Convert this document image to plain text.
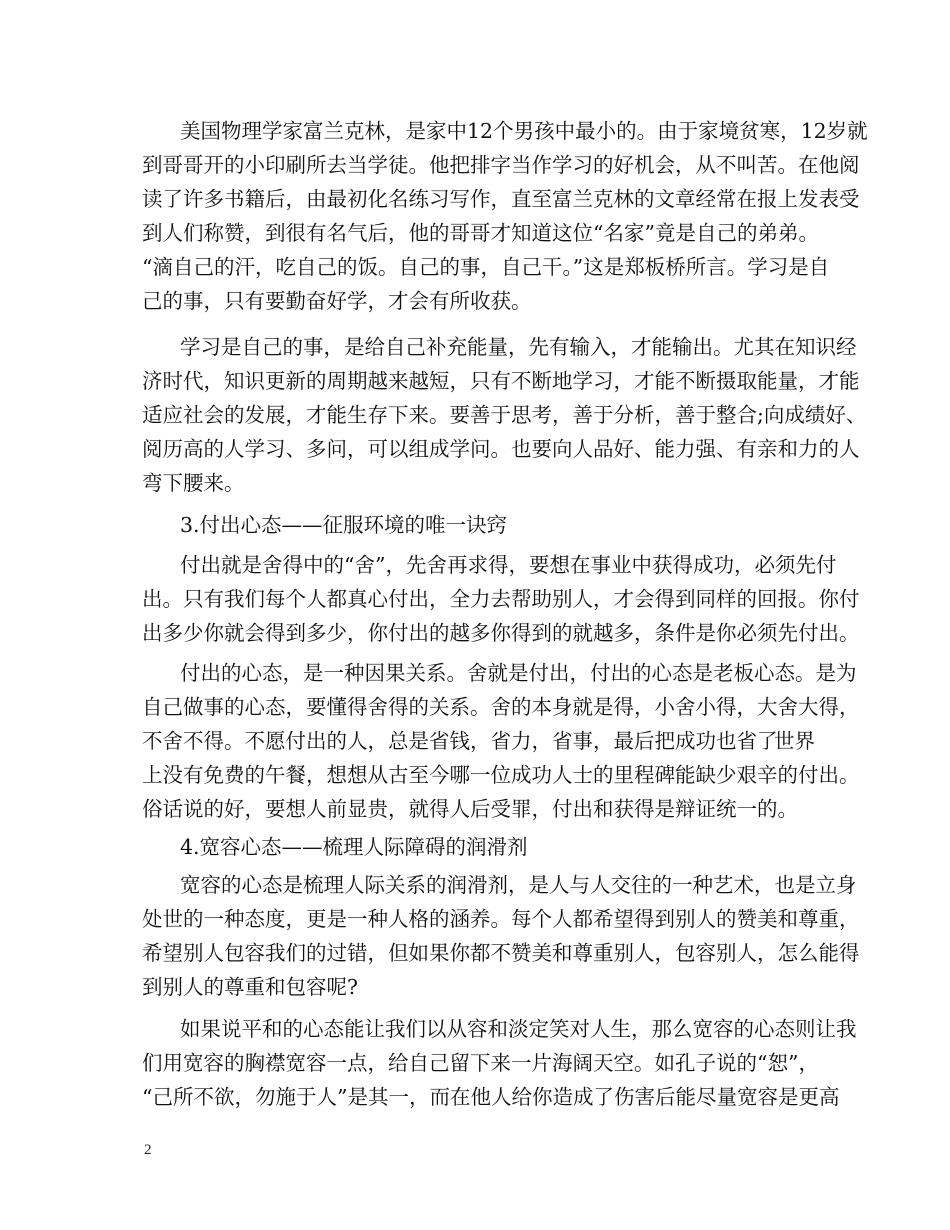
美国物理学家富兰克林，是家中12个男孩中最小的。由于家境贫寒，12岁就
到哥哥开的小印刷所去当学徒。他把排字当作学习的好机会，从不叫苦。在他阅
读了许多书籍后，由最初化名练习写作，直至富兰克林的文章经常在报上发表受
到人们称赞，到很有名气后，他的哥哥才知道这位“名家”竟是自己的弟弟。
“滴自己的汗，吃自己的饭。自己的事，自己干。”这是郑板桥所言。学习是自
己的事，只有要勤奋好学，才会有所收获。
学习是自己的事，是给自己补充能量，先有输入，才能输出。尤其在知识经
济时代，知识更新的周期越来越短，只有不断地学习，才能不断摄取能量，才能
适应社会的发展，才能生存下来。要善于思考，善于分析，善于整合;向成绩好、
阅历高的人学习、多问，可以组成学问。也要向人品好、能力强、有亲和力的人
弯下腰来。
3.付出心态——征服环境的唯一诀窍
付出就是舍得中的“舍”，先舍再求得，要想在事业中获得成功，必须先付
出。只有我们每个人都真心付出，全力去帮助别人，才会得到同样的回报。你付
出多少你就会得到多少，你付出的越多你得到的就越多，条件是你必须先付出。
付出的心态，是一种因果关系。舍就是付出，付出的心态是老板心态。是为
自己做事的心态，要懂得舍得的关系。舍的本身就是得，小舍小得，大舍大得，
不舍不得。不愿付出的人，总是省钱，省力，省事，最后把成功也省了
世界
上没有免费的午餐，想想从古至今哪一位成功人士的里程碑能缺少艰辛的付出。
俗话说的好，要想人前显贵，就得人后受罪，付出和获得是辩证统一的。
4.宽容心态——梳理人际障碍的润滑剂
宽容的心态是梳理人际关系的润滑剂，是人与人交往的一种艺术，也是立身
处世的一种态度，更是一种人格的涵养。每个人都希望得到别人的赞美和尊重，
希望别人包容我们的过错，但如果你都不赞美和尊重别人，包容别人，怎么能得
到别人的尊重和包容呢?
如果说平和的心态能让我们以从容和淡定笑对人生，那么宽容的心态则让我
们用宽容的胸襟宽容一点，给自己留下来一片海阔天空。如孔子说的“恕”，
“己所不欲，勿施于人”是其一，而在他人给你造成了伤害后能尽量宽容是更高
2
